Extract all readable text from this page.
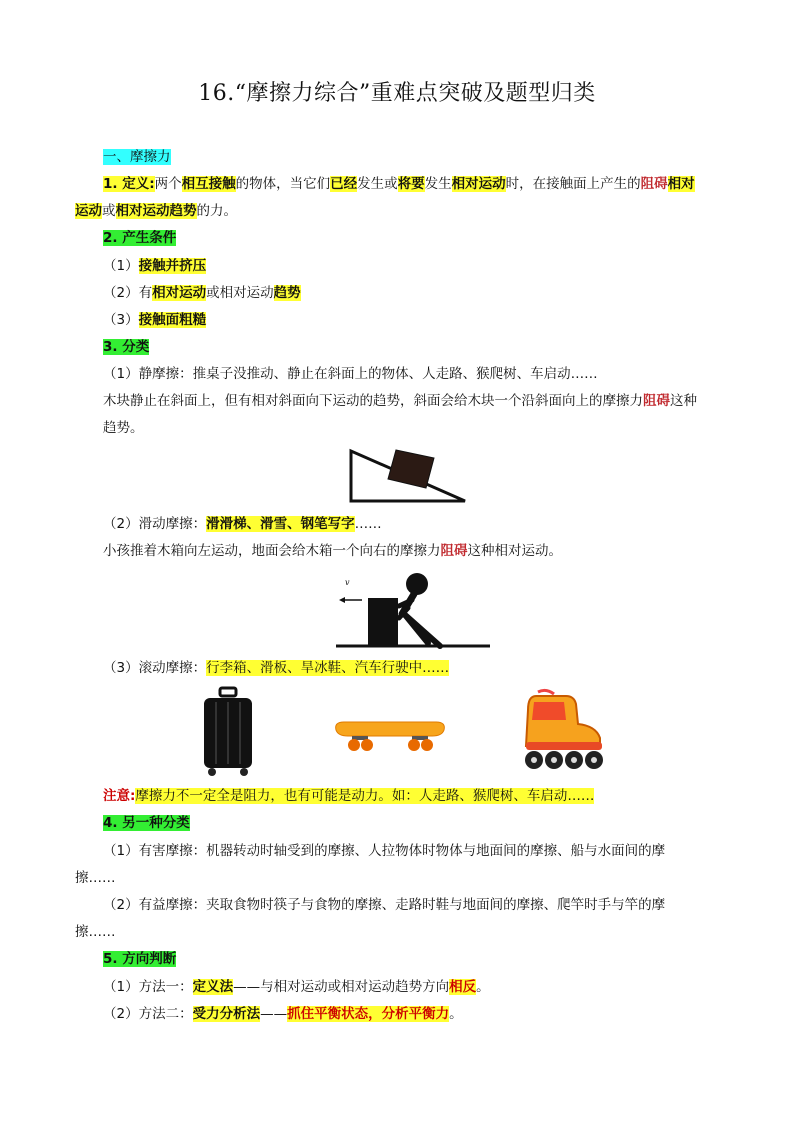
16.“摩擦力综合”重难点突破及题型归类
一、摩擦力
1. 定义:两个相互接触的物体，当它们已经发生或将要发生相对运动时，在接触面上产生的阻碍相对
运动或相对运动趋势的力。
2. 产生条件
（1）接触并挤压
（2）有相对运动或相对运动趋势
（3）接触面粗糙
3. 分类
（1）静摩擦：推桌子没推动、静止在斜面上的物体、人走路、猴爬树、车启动……
木块静止在斜面上，但有相对斜面向下运动的趋势，斜面会给木块一个沿斜面向上的摩擦力阻碍这种
趋势。
（2）滑动摩擦：滑滑梯、滑雪、钢笔写字……
小孩推着木箱向左运动，地面会给木箱一个向右的摩擦力阻碍这种相对运动。
v
（3）滚动摩擦：行李箱、滑板、旱冰鞋、汽车行驶中……
注意:摩擦力不一定全是阻力，也有可能是动力。如：人走路、猴爬树、车启动……
4. 另一种分类
（1）有害摩擦：机器转动时轴受到的摩擦、人拉物体时物体与地面间的摩擦、船与水面间的摩
擦……
（2）有益摩擦：夹取食物时筷子与食物的摩擦、走路时鞋与地面间的摩擦、爬竿时手与竿的摩
擦……
5. 方向判断
（1）方法一：定义法——与相对运动或相对运动趋势方向相反。
（2）方法二：受力分析法——抓住平衡状态，分析平衡力。
